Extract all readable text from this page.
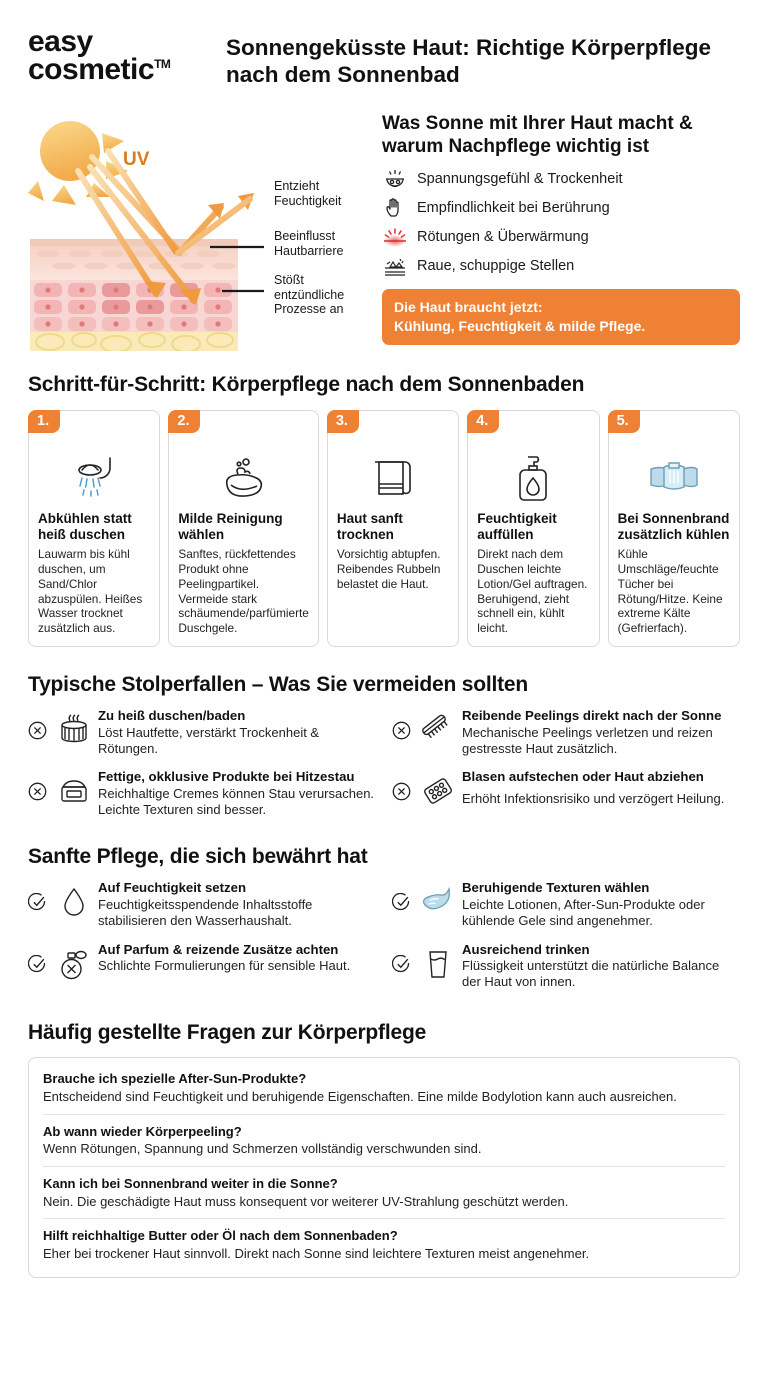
easy
cosmetic™
Sonnengeküsste Haut: Richtige Körperpflege nach dem Sonnenbad
UV
Entzieht Feuchtigkeit
Beeinflusst Hautbarriere
Stößt entzündliche Prozesse an
Was Sonne mit Ihrer Haut macht & warum Nachpflege wichtig ist
Spannungsgefühl & Trockenheit
Empfindlichkeit bei Berührung
Rötungen & Überwärmung
Raue, schuppige Stellen
Die Haut braucht jetzt:
Kühlung, Feuchtigkeit & milde Pflege.
Schritt-für-Schritt: Körperpflege nach dem Sonnenbaden
1.
Abkühlen statt heiß duschen
Lauwarm bis kühl duschen, um Sand/Chlor abzuspülen. Heißes Wasser trocknet zusätzlich aus.
2.
Milde Reinigung wählen
Sanftes, rückfettendes Produkt ohne Peelingpartikel. Vermeide stark schäumende/parfümierte Duschgele.
3.
Haut sanft trocknen
Vorsichtig abtupfen. Reibendes Rubbeln belastet die Haut.
4.
Feuchtigkeit auffüllen
Direkt nach dem Duschen leichte Lotion/Gel auftragen. Beruhigend, zieht schnell ein, kühlt leicht.
5.
Bei Sonnenbrand zusätzlich kühlen
Kühle Umschläge/feuchte Tücher bei Rötung/Hitze. Keine extreme Kälte (Gefrierfach).
Typische Stolperfallen – Was Sie vermeiden sollten
Zu heiß duschen/baden
Löst Hautfette, verstärkt Trockenheit & Rötungen.
Fettige, okklusive Produkte bei Hitzestau
Reichhaltige Cremes können Stau verursachen. Leichte Texturen sind besser.
Reibende Peelings direkt nach der Sonne
Mechanische Peelings verletzen und reizen gestresste Haut zusätzlich.
Blasen aufstechen oder Haut abziehen
Erhöht Infektionsrisiko und verzögert Heilung.
Sanfte Pflege, die sich bewährt hat
Auf Feuchtigkeit setzen
Feuchtigkeitsspendende Inhaltsstoffe stabilisieren den Wasserhaushalt.
Auf Parfum & reizende Zusätze achten
Schlichte Formulierungen für sensible Haut.
Beruhigende Texturen wählen
Leichte Lotionen, After-Sun-Produkte oder kühlende Gele sind angenehmer.
Ausreichend trinken
Flüssigkeit unterstützt die natürliche Balance der Haut von innen.
Häufig gestellte Fragen zur Körperpflege
Brauche ich spezielle After-Sun-Produkte?
Entscheidend sind Feuchtigkeit und beruhigende Eigenschaften. Eine milde Bodylotion kann auch ausreichen.
Ab wann wieder Körperpeeling?
Wenn Rötungen, Spannung und Schmerzen vollständig verschwunden sind.
Kann ich bei Sonnenbrand weiter in die Sonne?
Nein. Die geschädigte Haut muss konsequent vor weiterer UV-Strahlung geschützt werden.
Hilft reichhaltige Butter oder Öl nach dem Sonnenbaden?
Eher bei trockener Haut sinnvoll. Direkt nach Sonne sind leichtere Texturen meist angenehmer.
